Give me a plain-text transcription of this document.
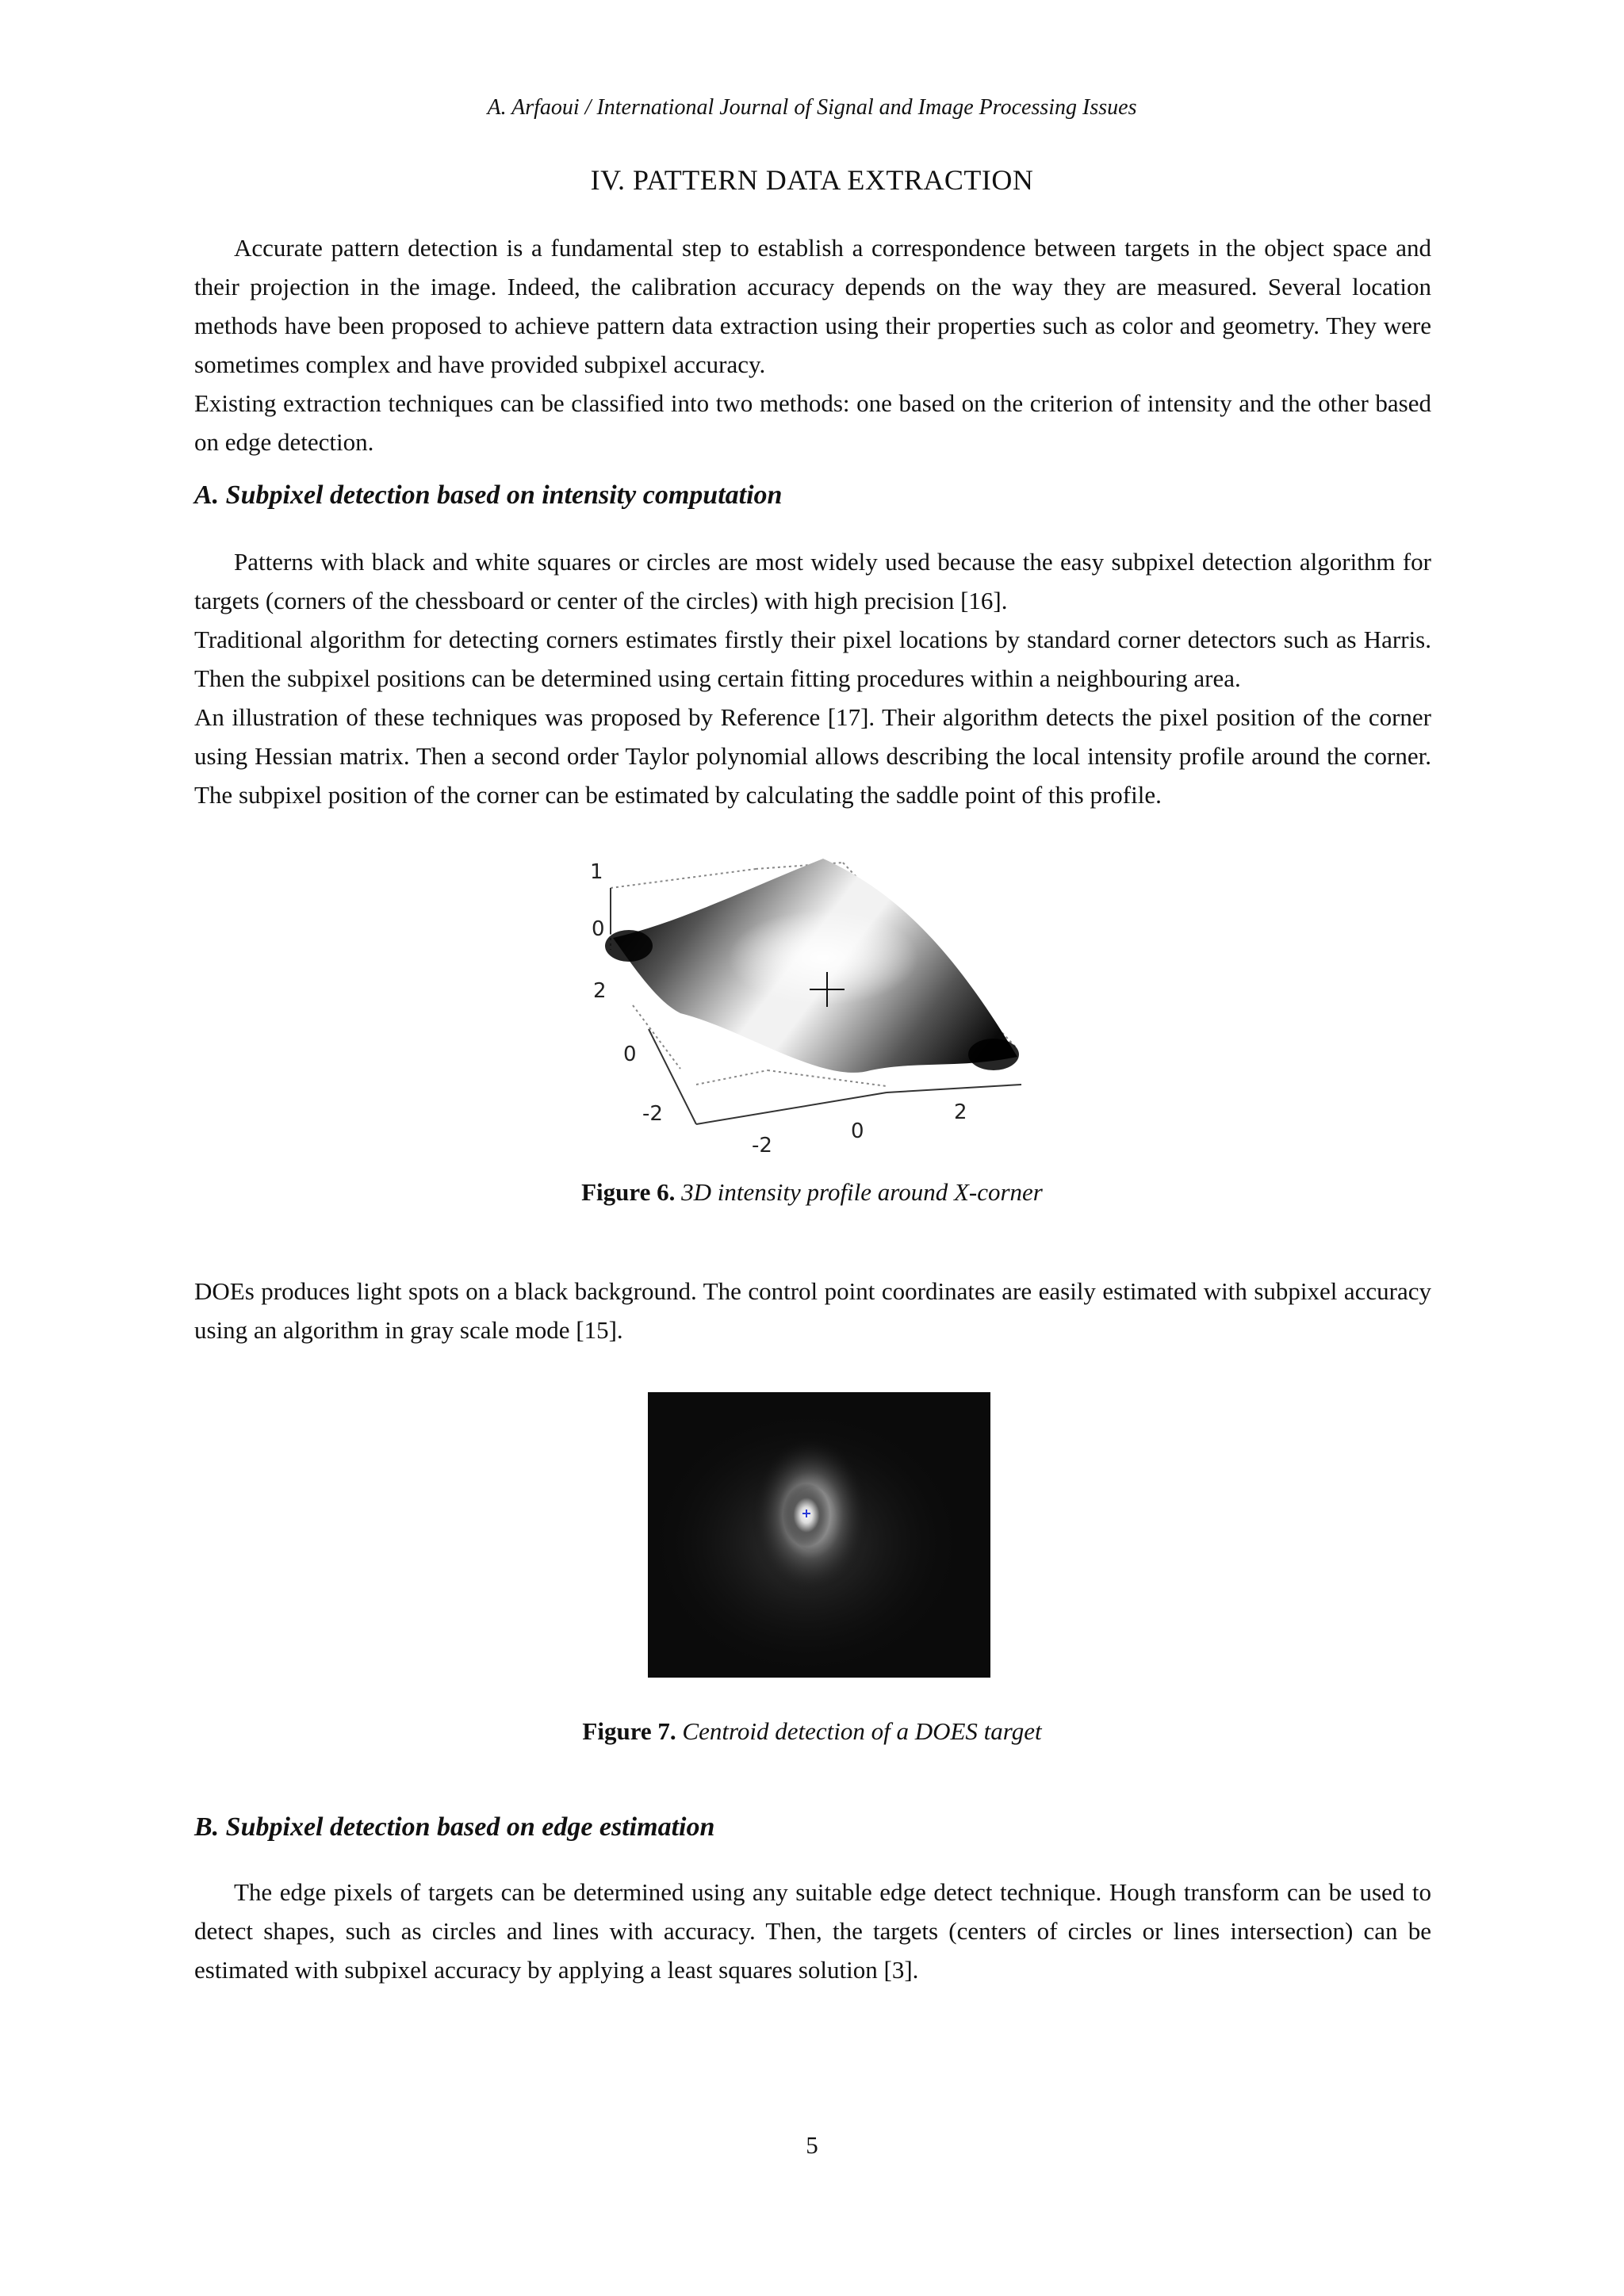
A. Arfaoui / International Journal of Signal and Image Processing Issues
IV. PATTERN DATA EXTRACTION

Accurate pattern detection is a fundamental step to establish a correspondence between targets in the object space and their projection in the image. Indeed, the calibration accuracy depends on the way they are measured. Several location methods have been proposed to achieve pattern data extraction using their properties such as color and geometry. They were sometimes complex and have provided subpixel accuracy.

Existing extraction techniques can be classified into two methods: one based on the criterion of intensity and the other based on edge detection.

A. Subpixel detection based on intensity computation

Patterns with black and white squares or circles are most widely used because the easy subpixel detection algorithm for targets (corners of the chessboard or center of the circles) with high precision [16].

Traditional algorithm for detecting corners estimates firstly their pixel locations by standard corner detectors such as Harris. Then the subpixel positions can be determined using certain fitting procedures within a neighbouring area.

An illustration of these techniques was proposed by Reference [17]. Their algorithm detects the pixel position of the corner using Hessian matrix. Then a second order Taylor polynomial allows describing the local intensity profile around the corner. The subpixel position of the corner can be estimated by calculating the saddle point of this profile.

1
0
2
0
-2
-2
0
2
Figure 6. 3D intensity profile around X-corner

DOEs produces light spots on a black background. The control point coordinates are easily estimated with subpixel accuracy using an algorithm in gray scale mode [15].

Figure 7. Centroid detection of a DOES target

B. Subpixel detection based on edge estimation

The edge pixels of targets can be determined using any suitable edge detect technique. Hough transform can be used to detect shapes, such as circles and lines with accuracy. Then, the targets (centers of circles or lines intersection) can be estimated with subpixel accuracy by applying a least squares solution [3].

5
